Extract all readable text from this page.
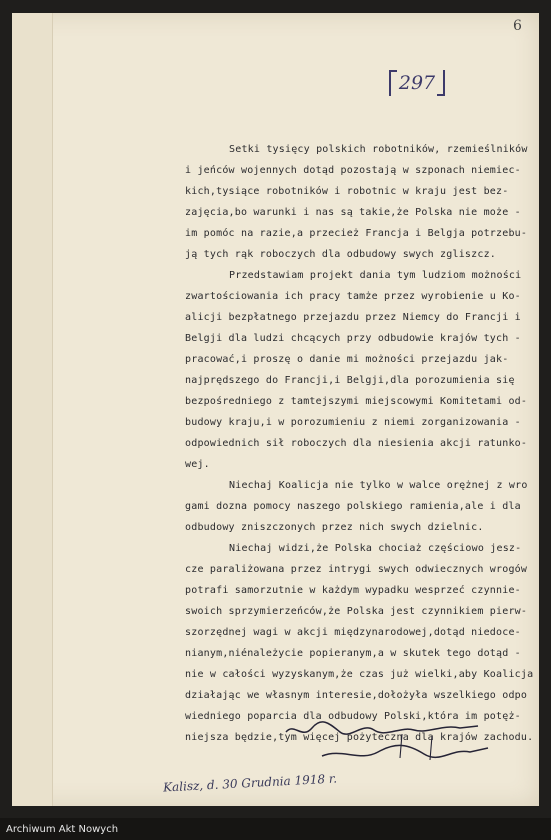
6
297
Setki tysięcy polskich robotników, rzemieślników
i jeńców wojennych dotąd pozostają w szponach niemiec-
kich,tysiące robotników i robotnic w kraju jest bez-
zajęcia,bo warunki i nas są takie,że Polska nie może -
im pomóc na razie,a przecież Francja i Belgja potrzebu-
ją tych rąk roboczych dla odbudowy swych zgliszcz.
Przedstawiam projekt dania tym ludziom możności
zwartościowania ich pracy tamże przez wyrobienie u Ko-
alicji bezpłatnego przejazdu przez Niemcy do Francji i
Belgji dla ludzi chcących przy odbudowie krajów tych -
pracować,i proszę o danie mi możności przejazdu jak-
najprędszego do Francji,i Belgji,dla porozumienia się
bezpośredniego z tamtejszymi miejscowymi Komitetami od-
budowy kraju,i w porozumieniu z niemi zorganizowania -
odpowiednich sił roboczych dla niesienia akcji ratunko-
wej.
Niechaj Koalicja nie tylko w walce orężnej z wro
gami dozna pomocy naszego polskiego ramienia,ale i dla
odbudowy zniszczonych przez nich swych dzielnic.
Niechaj widzi,że Polska chociaż częściowo jesz-
cze paraliżowana przez intrygi swych odwiecznych wrogów
potrafi samorzutnie w każdym wypadku wesprzeć czynnie-
swoich sprzymierzeńców,że Polska jest czynnikiem pierw-
szorzędnej wagi w akcji międzynarodowej,dotąd niedoce-
nianym,niénależycie popieranym,a w skutek tego dotąd -
nie w całości wyzyskanym,że czas już wielki,aby Koalicja
działając we własnym interesie,dołożyła wszelkiego odpo
wiedniego poparcia dla odbudowy Polski,która im potęż-
niejsza będzie,tym więcej pożyteczna dla krajów zachodu.
Kalisz, d. 30 Grudnia 1918 r.
Archiwum Akt Nowych
